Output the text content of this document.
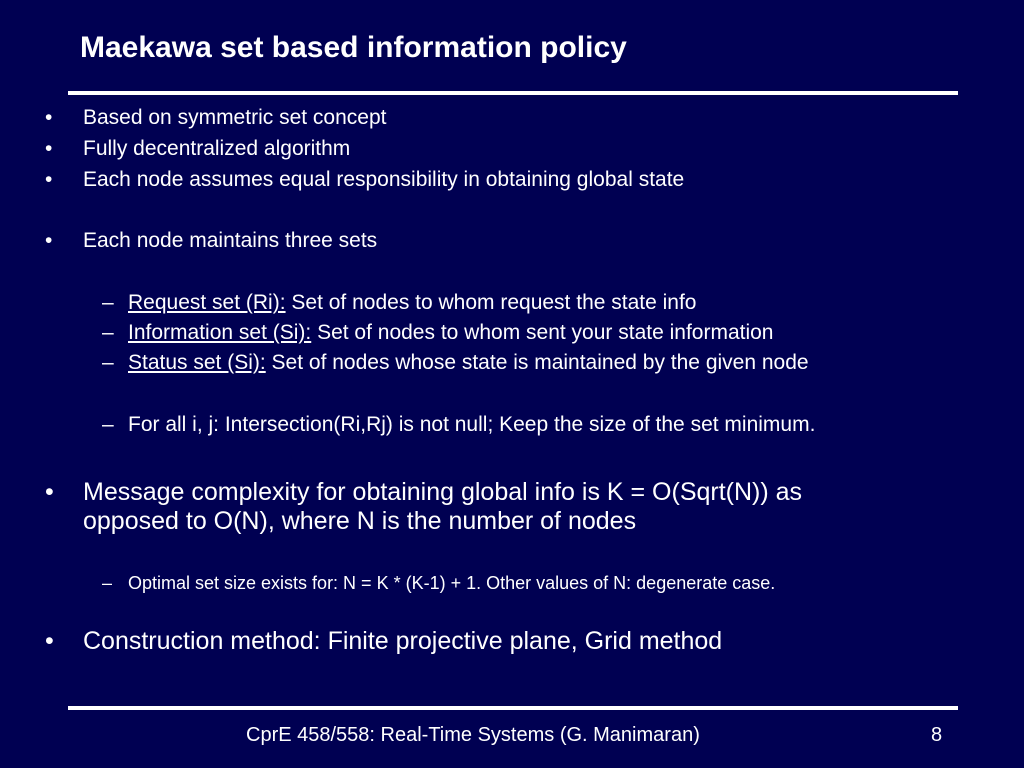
Maekawa set based information policy
• Based on symmetric set concept
• Fully decentralized algorithm
• Each node assumes equal responsibility in obtaining global state
• Each node maintains three sets
– Request set (Ri): Set of nodes to whom request the state info
– Information set (Si): Set of nodes to whom sent your state information
– Status set (Si): Set of nodes whose state is maintained by the given node
– For all i, j: Intersection(Ri,Rj) is not null; Keep the size of the set minimum.
• Message complexity for obtaining global info is K = O(Sqrt(N)) as
opposed to O(N), where N is the number of nodes
– Optimal set size exists for: N = K * (K-1) + 1. Other values of N: degenerate case.
• Construction method: Finite projective plane, Grid method
CprE 458/558: Real-Time Systems (G. Manimaran)	8
